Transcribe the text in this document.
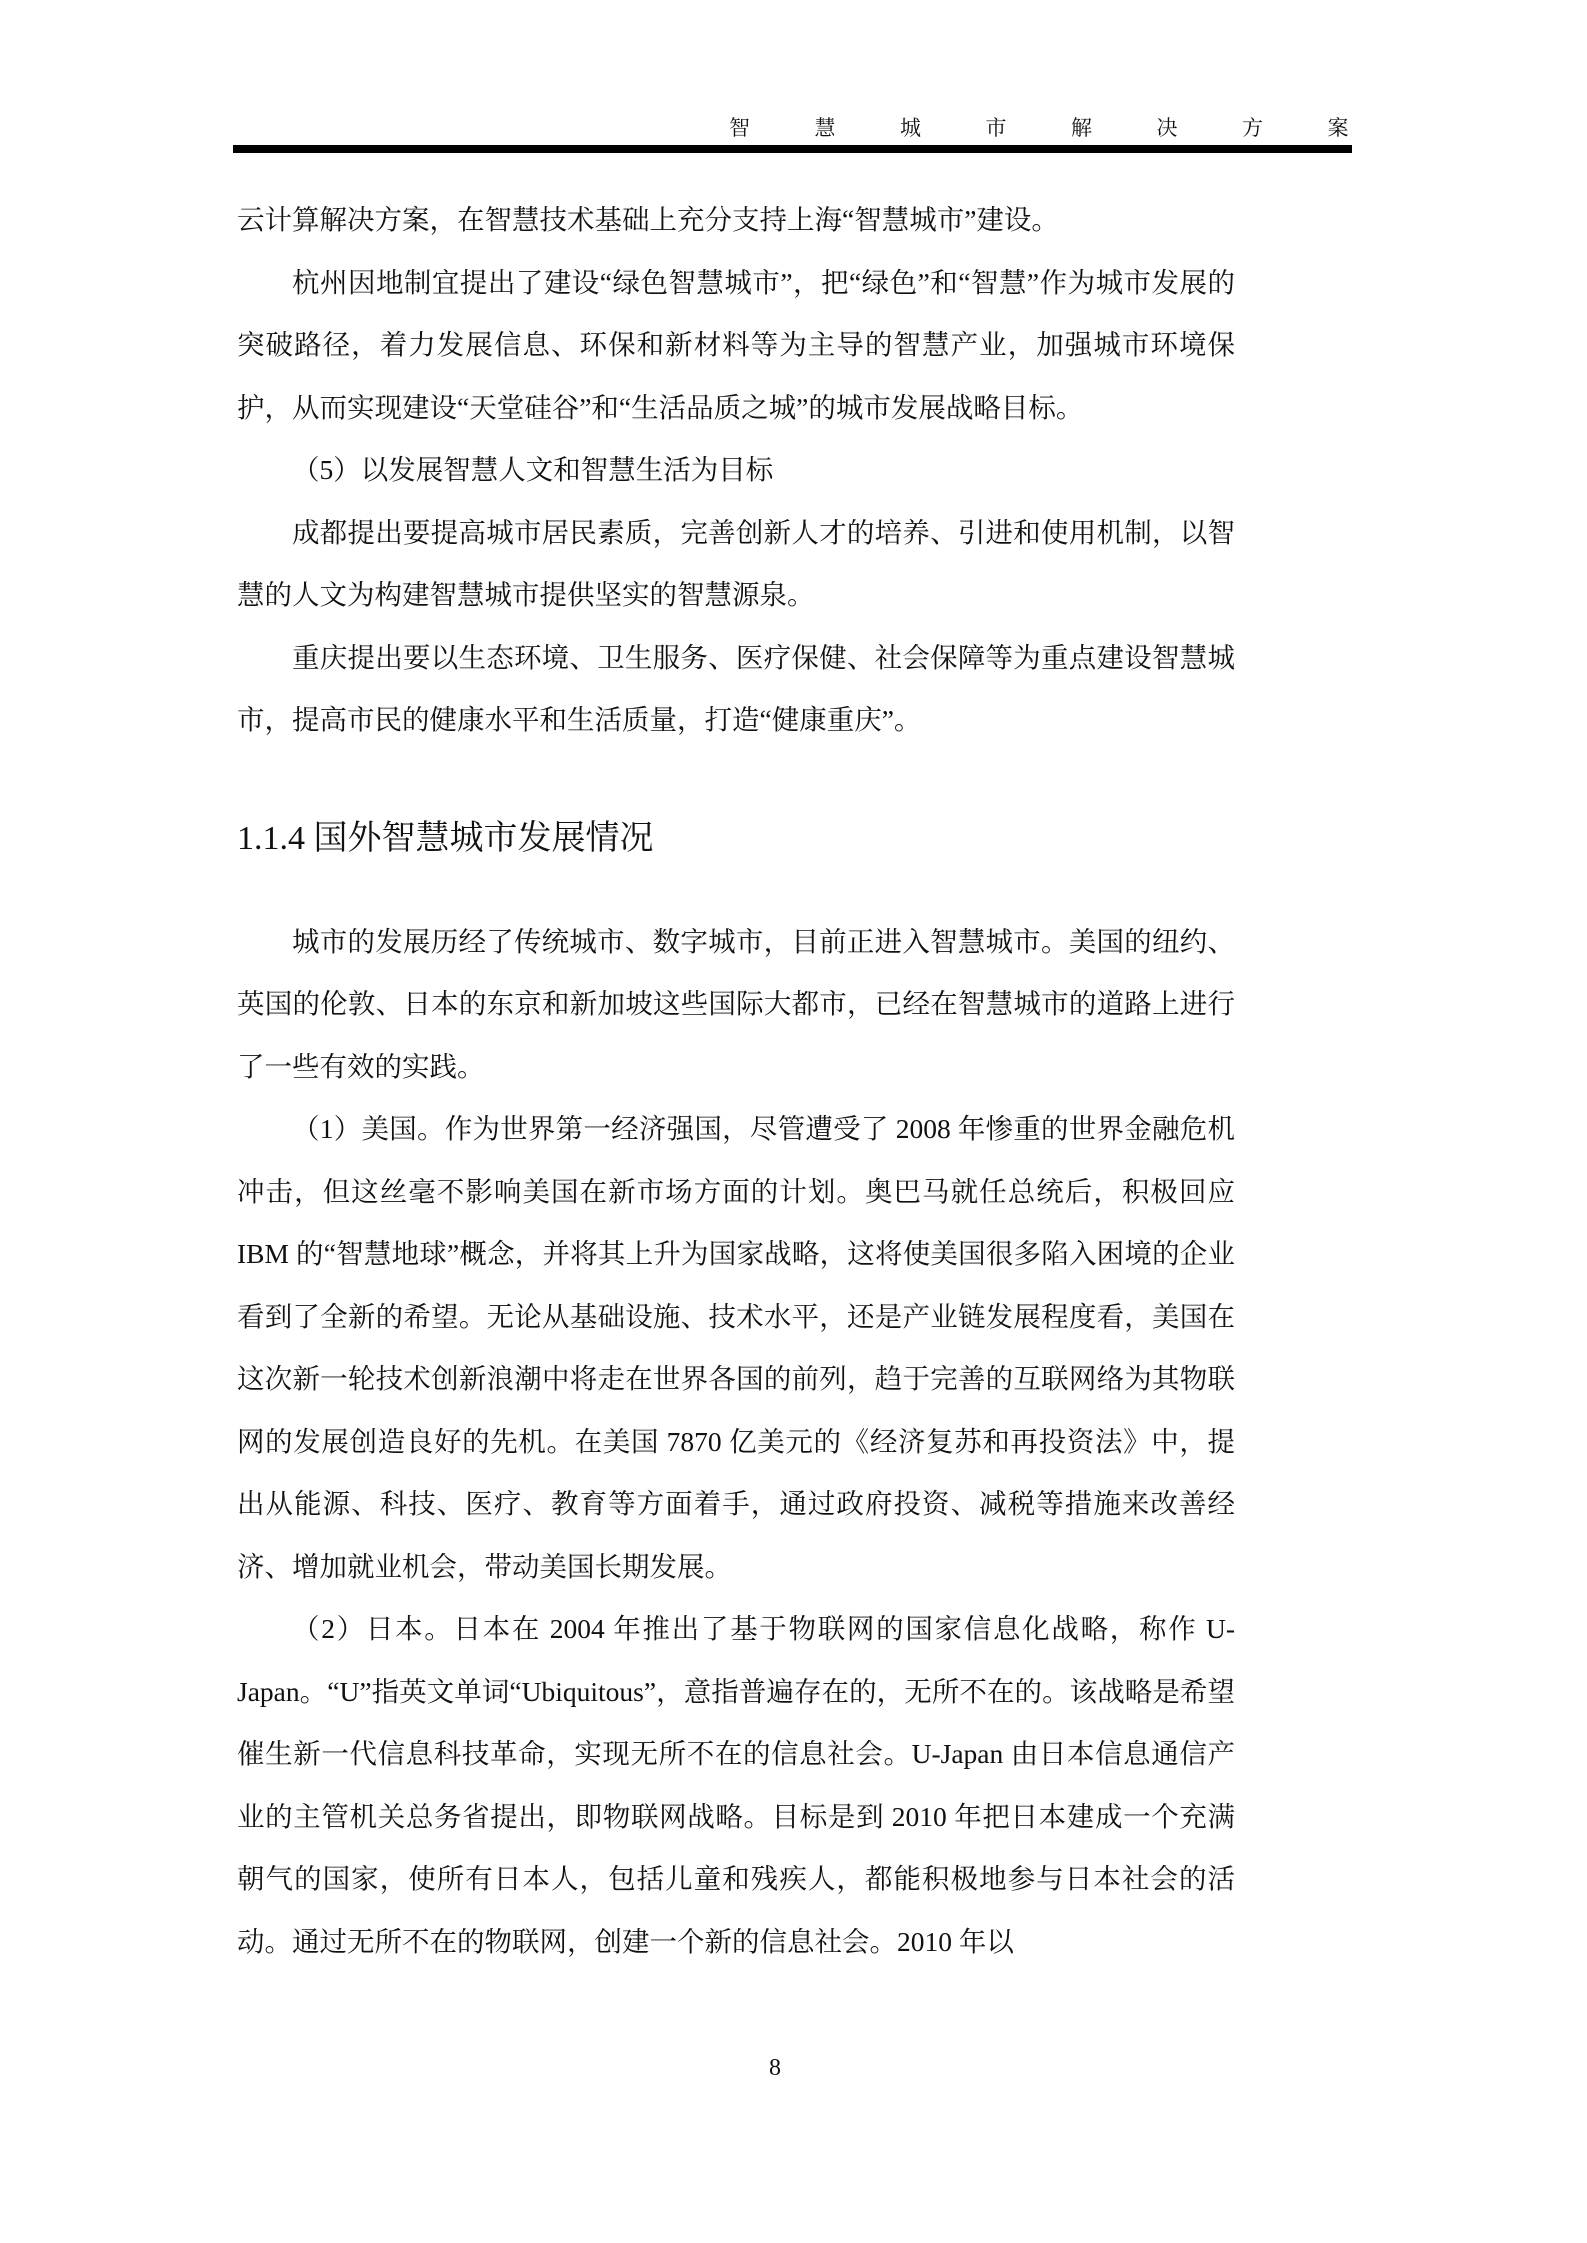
智慧城市解决方案

云计算解决方案，在智慧技术基础上充分支持上海“智慧城市”建设。

杭州因地制宜提出了建设“绿色智慧城市”，把“绿色”和“智慧”作为城市发展的突破路径，着力发展信息、环保和新材料等为主导的智慧产业，加强城市环境保护，从而实现建设“天堂硅谷”和“生活品质之城”的城市发展战略目标。

（5）以发展智慧人文和智慧生活为目标

成都提出要提高城市居民素质，完善创新人才的培养、引进和使用机制，以智慧的人文为构建智慧城市提供坚实的智慧源泉。

重庆提出要以生态环境、卫生服务、医疗保健、社会保障等为重点建设智慧城市，提高市民的健康水平和生活质量，打造“健康重庆”。

1.1.4 国外智慧城市发展情况

城市的发展历经了传统城市、数字城市，目前正进入智慧城市。美国的纽约、英国的伦敦、日本的东京和新加坡这些国际大都市，已经在智慧城市的道路上进行了一些有效的实践。

（1）美国。作为世界第一经济强国，尽管遭受了 2008 年惨重的世界金融危机冲击，但这丝毫不影响美国在新市场方面的计划。奥巴马就任总统后，积极回应 IBM 的“智慧地球”概念，并将其上升为国家战略，这将使美国很多陷入困境的企业看到了全新的希望。无论从基础设施、技术水平，还是产业链发展程度看，美国在这次新一轮技术创新浪潮中将走在世界各国的前列，趋于完善的互联网络为其物联网的发展创造良好的先机。在美国 7870 亿美元的《经济复苏和再投资法》中，提出从能源、科技、医疗、教育等方面着手，通过政府投资、减税等措施来改善经济、增加就业机会，带动美国长期发展。

（2）日本。日本在 2004 年推出了基于物联网的国家信息化战略，称作 U-Japan。“U”指英文单词“Ubiquitous”，意指普遍存在的，无所不在的。该战略是希望催生新一代信息科技革命，实现无所不在的信息社会。U-Japan 由日本信息通信产业的主管机关总务省提出，即物联网战略。目标是到 2010 年把日本建成一个充满朝气的国家，使所有日本人，包括儿童和残疾人，都能积极地参与日本社会的活动。通过无所不在的物联网，创建一个新的信息社会。2010 年以

8
